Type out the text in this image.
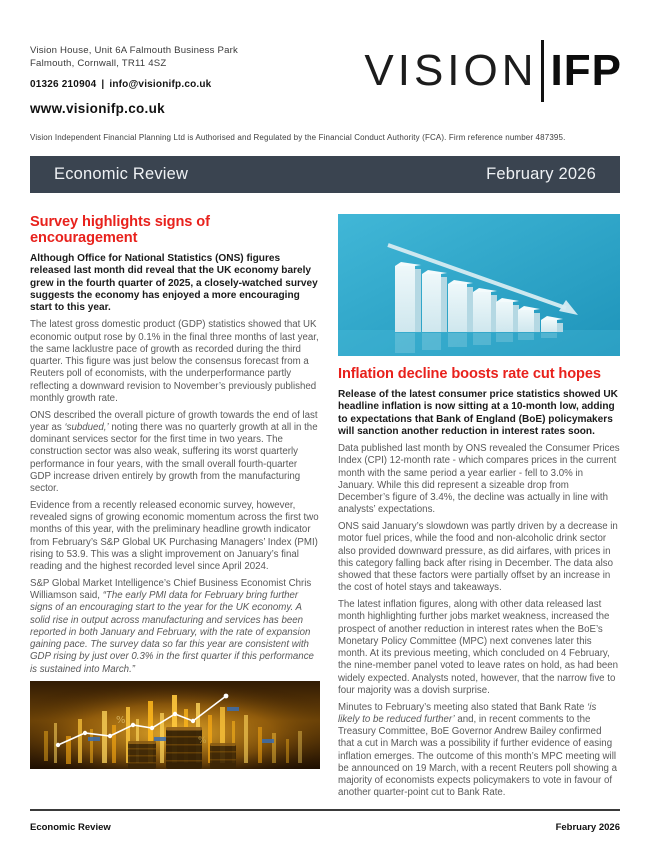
Vision House, Unit 6A Falmouth Business Park
Falmouth, Cornwall, TR11 4SZ
01326 210904 | info@visionifp.co.uk
www.visionifp.co.uk
VISION IFP
Vision Independent Financial Planning Ltd is Authorised and Regulated by the Financial Conduct Authority (FCA). Firm reference number 487395.
Economic Review	February 2026
Survey highlights signs of encouragement
Although Office for National Statistics (ONS) figures released last month did reveal that the UK economy barely grew in the fourth quarter of 2025, a closely-watched survey suggests the economy has enjoyed a more encouraging start to this year.

The latest gross domestic product (GDP) statistics showed that UK economic output rose by 0.1% in the final three months of last year, the same lacklustre pace of growth as recorded during the third quarter. This figure was just below the consensus forecast from a Reuters poll of economists, with the underperformance partly reflecting a downward revision to November’s previously published monthly growth rate.

ONS described the overall picture of growth towards the end of last year as ‘subdued,’ noting there was no quarterly growth at all in the dominant services sector for the first time in two years. The construction sector was also weak, suffering its worst quarterly performance in four years, with the small overall fourth-quarter GDP increase driven entirely by growth from the manufacturing sector.

Evidence from a recently released economic survey, however, revealed signs of growing economic momentum across the first two months of this year, with the preliminary headline growth indicator from February’s S&P Global UK Purchasing Managers’ Index (PMI) rising to 53.9. This was a slight improvement on January’s final reading and the highest recorded level since April 2024.

S&P Global Market Intelligence’s Chief Business Economist Chris Williamson said, “The early PMI data for February bring further signs of an encouraging start to the year for the UK economy. A solid rise in output across manufacturing and services has been reported in both January and February, with the rate of expansion gaining pace. The survey data so far this year are consistent with GDP rising by just over 0.3% in the first quarter if this performance is sustained into March.”

%
%
Inflation decline boosts rate cut hopes
Release of the latest consumer price statistics showed UK headline inflation is now sitting at a 10-month low, adding to expectations that Bank of England (BoE) policymakers will sanction another reduction in interest rates soon.

Data published last month by ONS revealed the Consumer Prices Index (CPI) 12-month rate - which compares prices in the current month with the same period a year earlier - fell to 3.0% in January. While this did represent a sizeable drop from December’s figure of 3.4%, the decline was actually in line with analysts’ expectations.

ONS said January’s slowdown was partly driven by a decrease in motor fuel prices, while the food and non-alcoholic drink sector also provided downward pressure, as did airfares, with prices in this category falling back after rising in December. The data also showed that these factors were partially offset by an increase in the cost of hotel stays and takeaways.

The latest inflation figures, along with other data released last month highlighting further jobs market weakness, increased the prospect of another reduction in interest rates when the BoE’s Monetary Policy Committee (MPC) next convenes later this month. At its previous meeting, which concluded on 4 February, the nine-member panel voted to leave rates on hold, as had been widely expected. Analysts noted, however, that the narrow five to four majority was a dovish surprise.

Minutes to February’s meeting also stated that Bank Rate ‘is likely to be reduced further’ and, in recent comments to the Treasury Committee, BoE Governor Andrew Bailey confirmed that a cut in March was a possibility if further evidence of easing inflation emerges. The outcome of this month’s MPC meeting will be announced on 19 March, with a recent Reuters poll showing a majority of economists expects policymakers to vote in favour of another quarter-point cut to Bank Rate.

Economic Review	February 2026
